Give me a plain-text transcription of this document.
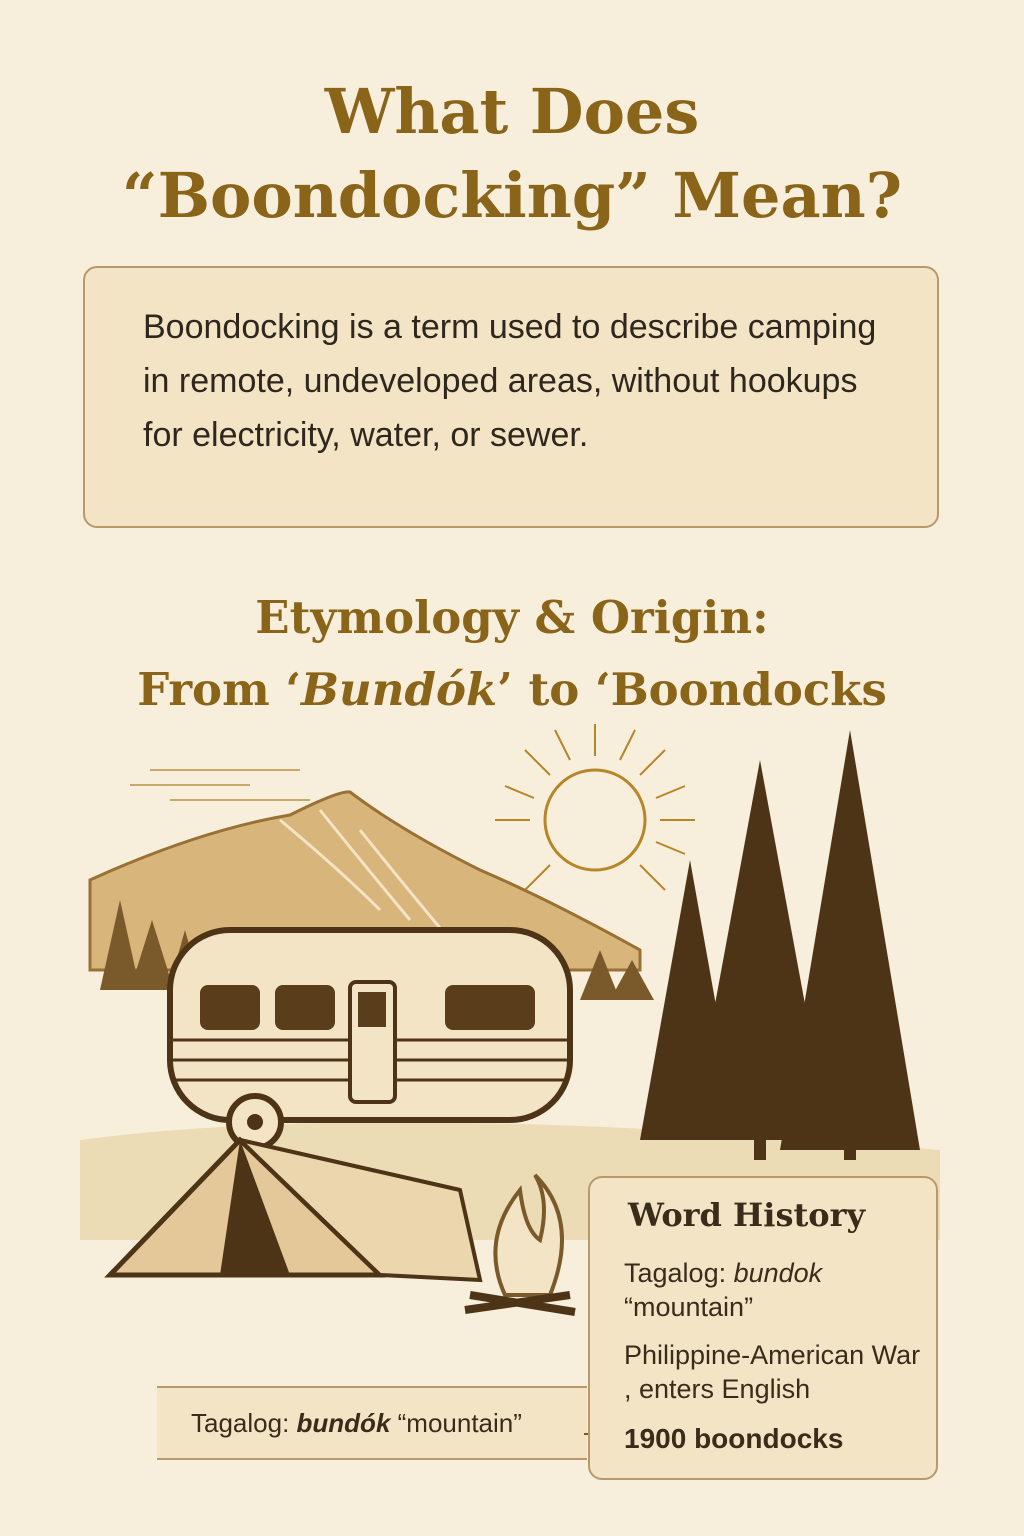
What Does
“Boondocking” Mean?

Boondocking is a term used to describe camping in remote, undeveloped areas, without hookups for electricity, water, or sewer.

Etymology & Origin:
From ‘Bundók’ to ‘Boondocks
Tagalog: bundók “mountain”

Word History

Tagalog: bundok
“mountain”

Philippine-American War , enters English

1900 boondocks
